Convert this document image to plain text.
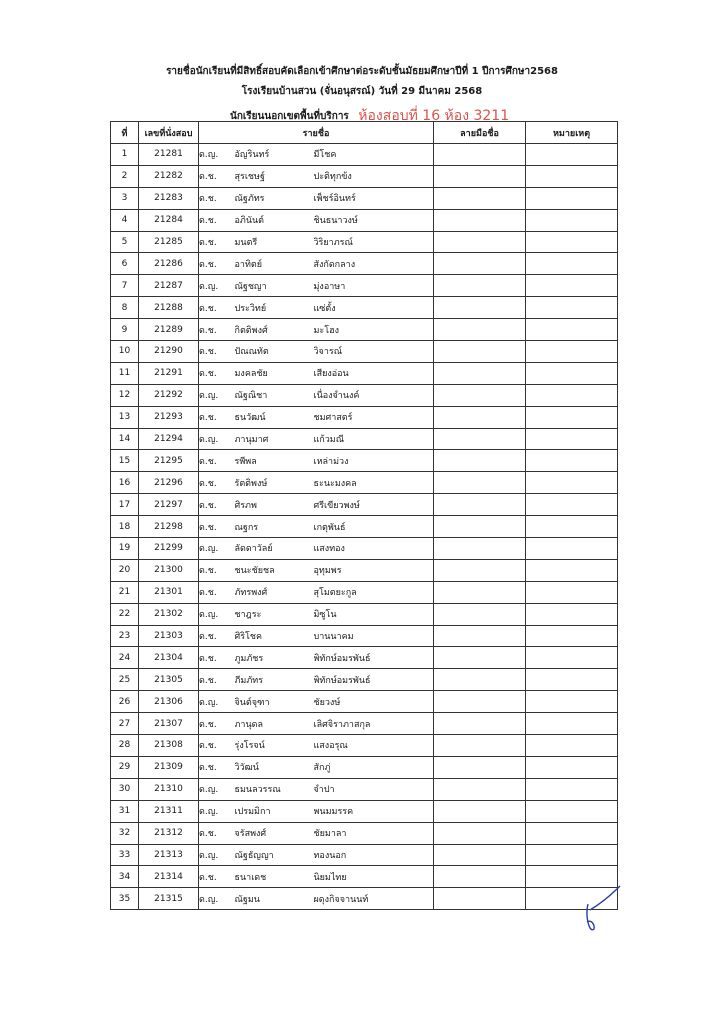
รายชื่อนักเรียนที่มีสิทธิ์สอบคัดเลือกเข้าศึกษาต่อระดับชั้นมัธยมศึกษาปีที่ 1 ปีการศึกษา2568
โรงเรียนบ้านสวน (จั่นอนุสรณ์) วันที่ 29 มีนาคม 2568
นักเรียนนอกเขตพื้นที่บริการ ห้องสอบที่ 16 ห้อง 3211
ที่	เลขที่นั่งสอบ	รายชื่อ			ลายมือชื่อ	หมายเหตุ
1	21281	ด.ญ.	อัญรินทร์	มีโชค		
2	21282	ด.ช.	สุรเชษฐ์	ปะติทุกข้ง		
3	21283	ด.ช.	ณัฐภัทร	เพ็ชร์อินทร์		
4	21284	ด.ช.	อภินันต์	ชินธนาวงษ์		
5	21285	ด.ช.	มนตรี	วิริยาภรณ์		
6	21286	ด.ช.	อาทิตย์	สังกัดกลาง		
7	21287	ด.ญ.	ณัฐชญา	มุ่งอาษา		
8	21288	ด.ช.	ประวิทย์	แซ่ตั้ง		
9	21289	ด.ช.	กิตติพงศ์	มะโฮง		
10	21290	ด.ช.	ปัณณทัต	วิจารณ์		
11	21291	ด.ช.	มงคลชัย	เสียงอ่อน		
12	21292	ด.ญ.	ณัฐณิชา	เนื่องจำนงค์		
13	21293	ด.ช.	ธนวัฒน์	ชมศาสตร์		
14	21294	ด.ญ.	ภานุมาศ	แก้วมณี		
15	21295	ด.ช.	รพีพล	เหล่าม่วง		
16	21296	ด.ช.	รัตติพงษ์	ธะนะมงคล		
17	21297	ด.ช.	ศิรภพ	ศรีเขียวพงษ์		
18	21298	ด.ช.	ณฐกร	เกตุพันธ์		
19	21299	ด.ญ.	ลัดดาวัลย์	แสงทอง		
20	21300	ด.ช.	ชนะชัยชล	อุทุมพร		
21	21301	ด.ช.	ภัทรพงศ์	สุโมตยะกูล		
22	21302	ด.ญ.	ชาฎระ	มิซูโน		
23	21303	ด.ช.	ศิริโชค	บานนาคม		
24	21304	ด.ช.	ภูมภัชร	พิทักษ์อมรพันธ์		
25	21305	ด.ช.	ภีมภัทร	พิทักษ์อมรพันธ์		
26	21306	ด.ญ.	จินต์จุฑา	ชัยวงษ์		
27	21307	ด.ช.	ภานุดล	เลิศจิราภาสกุล		
28	21308	ด.ช.	รุ่งโรจน์	แสงอรุณ		
29	21309	ด.ช.	วิวัฒน์	สักภู่		
30	21310	ด.ญ.	ธมนลวรรณ	จำปา		
31	21311	ด.ญ.	เปรมมิกา	พนมมรรค		
32	21312	ด.ช.	จรัสพงศ์	ชัยมาลา		
33	21313	ด.ญ.	ณัฐธัญญา	ทองนอก		
34	21314	ด.ช.	ธนาเดช	นิยมไทย		
35	21315	ด.ญ.	ณัฐมน	ผดุงกิจจานนท์		
